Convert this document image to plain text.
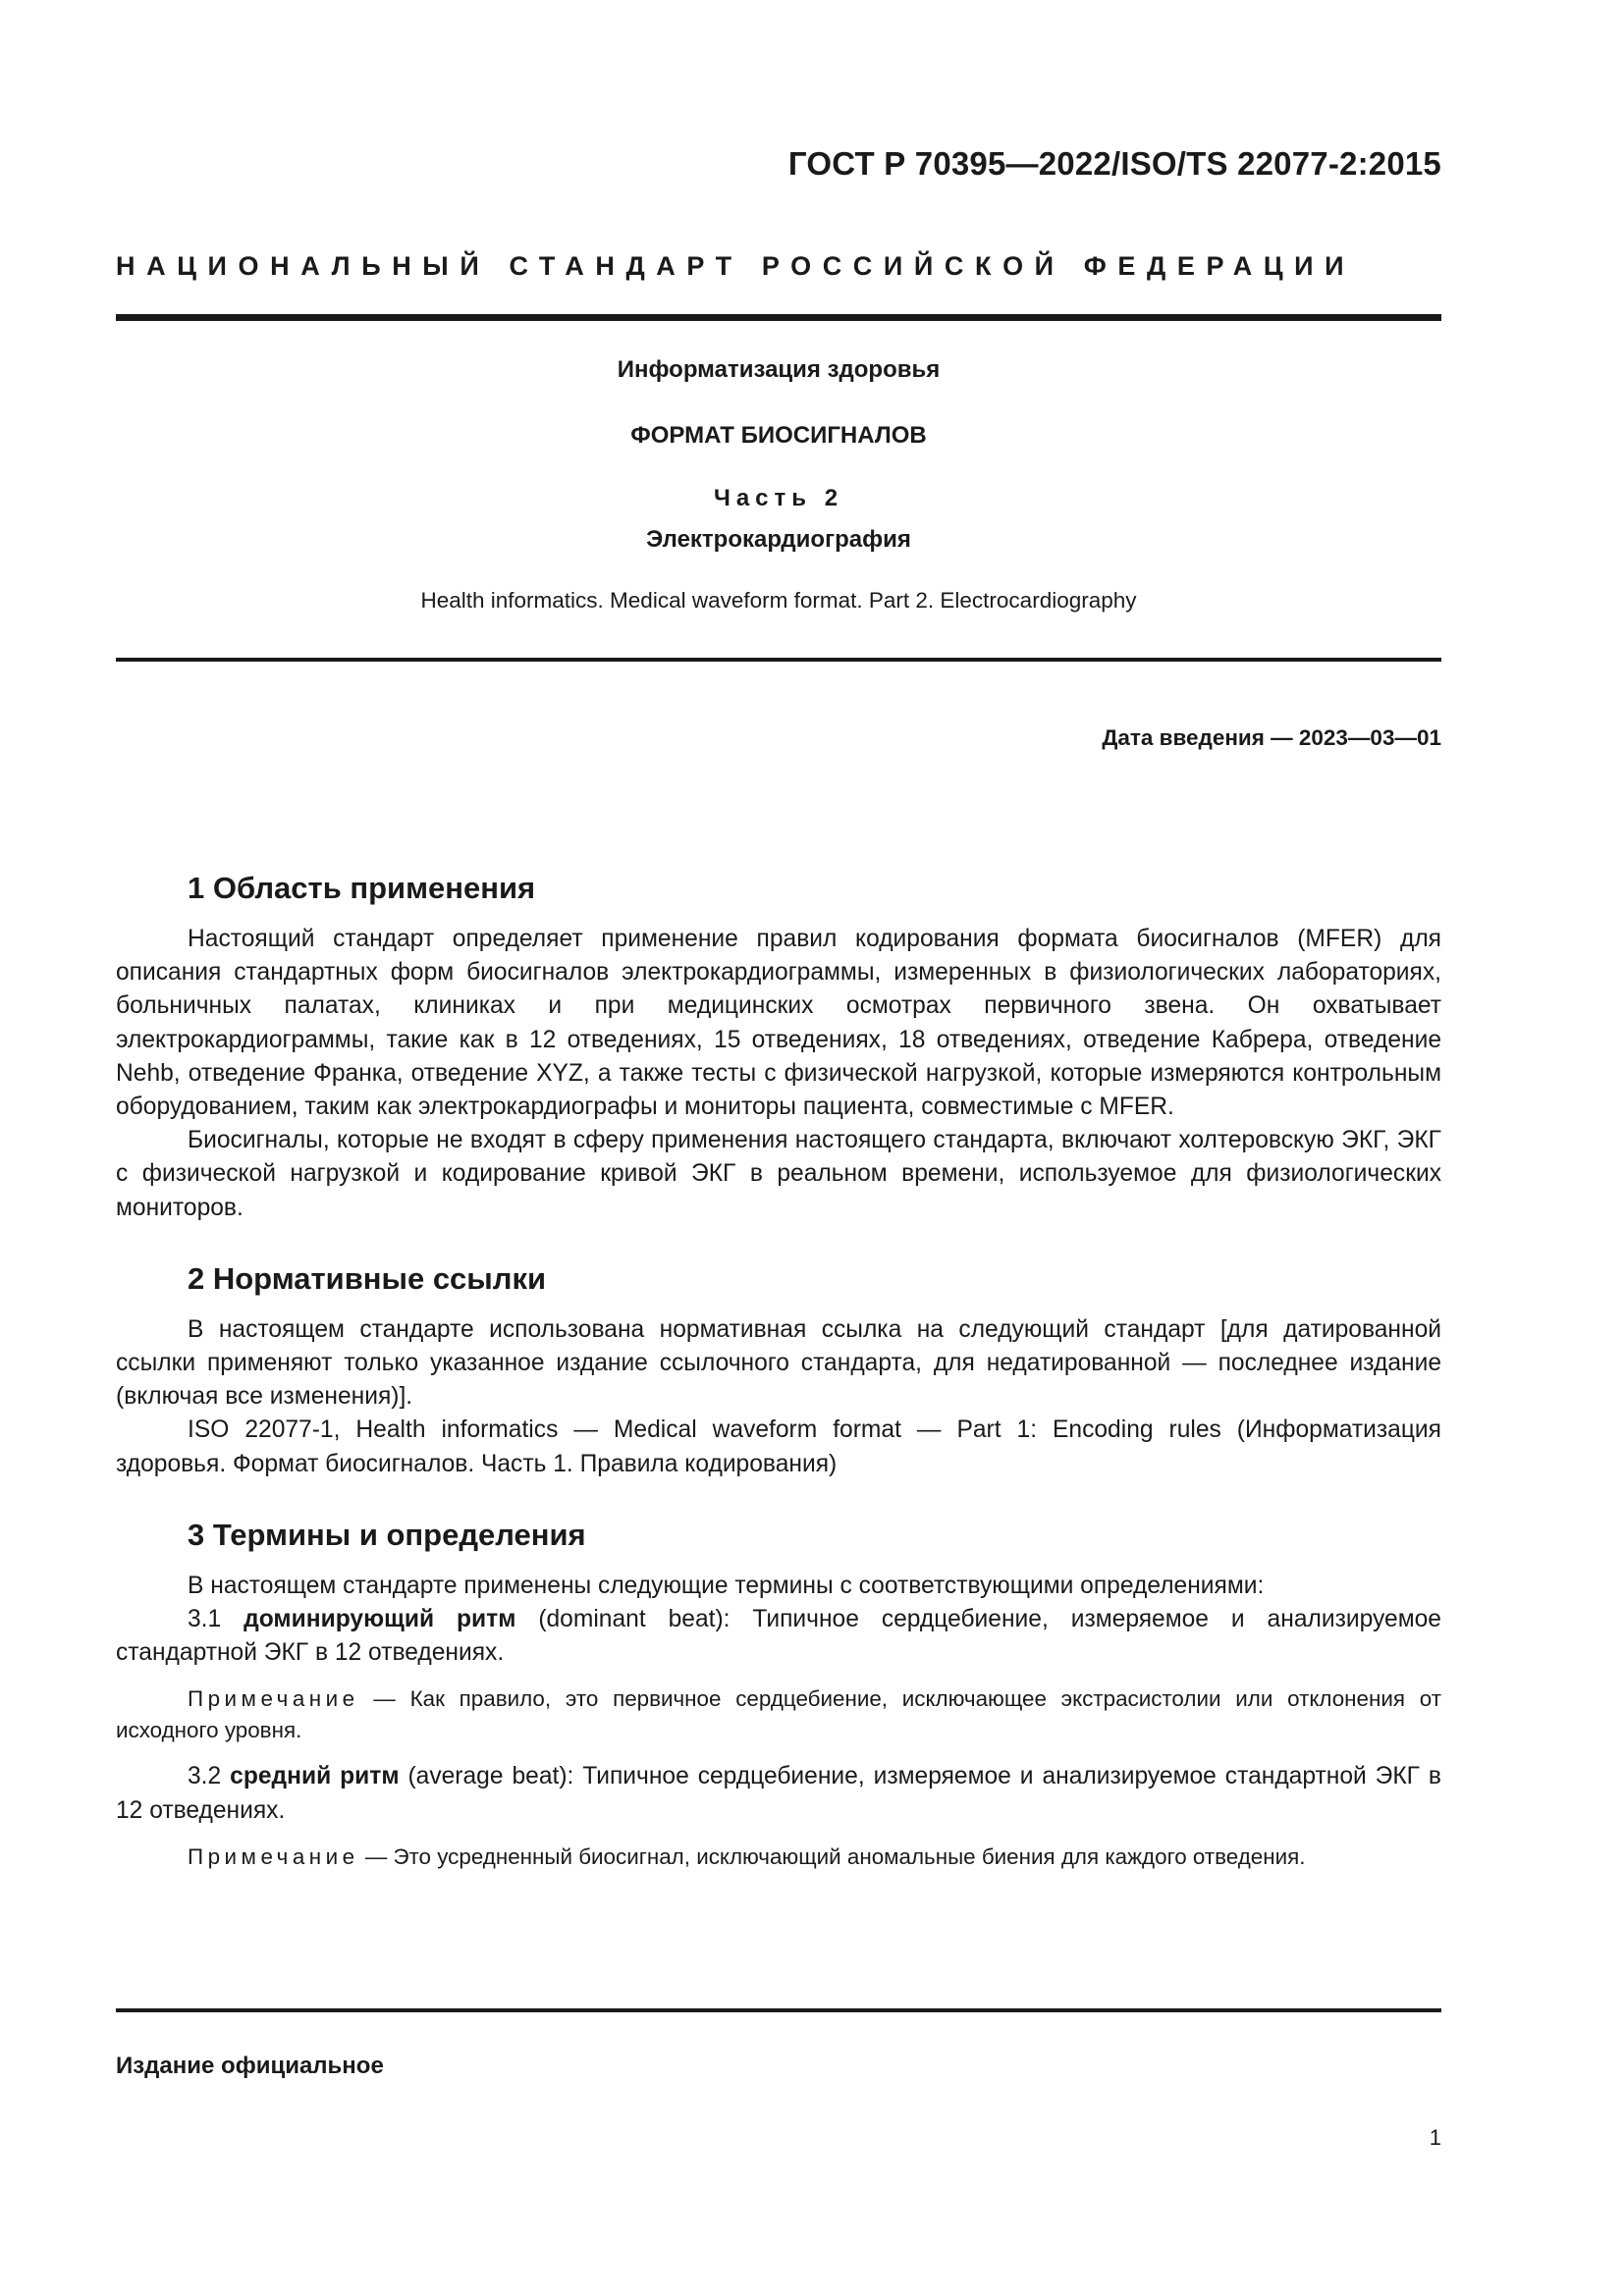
ГОСТ Р 70395—2022/ISO/TS 22077-2:2015
НАЦИОНАЛЬНЫЙ СТАНДАРТ РОССИЙСКОЙ ФЕДЕРАЦИИ
Информатизация здоровья
ФОРМАТ БИОСИГНАЛОВ
Часть 2
Электрокардиография
Health informatics. Medical waveform format. Part 2. Electrocardiography
Дата введения — 2023—03—01
1 Область применения

Настоящий стандарт определяет применение правил кодирования формата биосигналов (MFER) для описания стандартных форм биосигналов электрокардиограммы, измеренных в физиологических лабораториях, больничных палатах, клиниках и при медицинских осмотрах первичного звена. Он охватывает электрокардиограммы, такие как в 12 отведениях, 15 отведениях, 18 отведениях, отведение Кабрера, отведение Nehb, отведение Франка, отведение XYZ, а также тесты с физической нагрузкой, которые измеряются контрольным оборудованием, таким как электрокардиографы и мониторы пациента, совместимые с MFER.

Биосигналы, которые не входят в сферу применения настоящего стандарта, включают холтеровскую ЭКГ, ЭКГ с физической нагрузкой и кодирование кривой ЭКГ в реальном времени, используемое для физиологических мониторов.

2 Нормативные ссылки

В настоящем стандарте использована нормативная ссылка на следующий стандарт [для датированной ссылки применяют только указанное издание ссылочного стандарта, для недатированной — последнее издание (включая все изменения)].

ISO 22077-1, Health informatics — Medical waveform format — Part 1: Encoding rules (Информатизация здоровья. Формат биосигналов. Часть 1. Правила кодирования)

3 Термины и определения

В настоящем стандарте применены следующие термины с соответствующими определениями:

3.1 доминирующий ритм (dominant beat): Типичное сердцебиение, измеряемое и анализируемое стандартной ЭКГ в 12 отведениях.

Примечание — Как правило, это первичное сердцебиение, исключающее экстрасистолии или отклонения от исходного уровня.

3.2 средний ритм (average beat): Типичное сердцебиение, измеряемое и анализируемое стандартной ЭКГ в 12 отведениях.

Примечание — Это усредненный биосигнал, исключающий аномальные биения для каждого отведения.
Издание официальное
1
